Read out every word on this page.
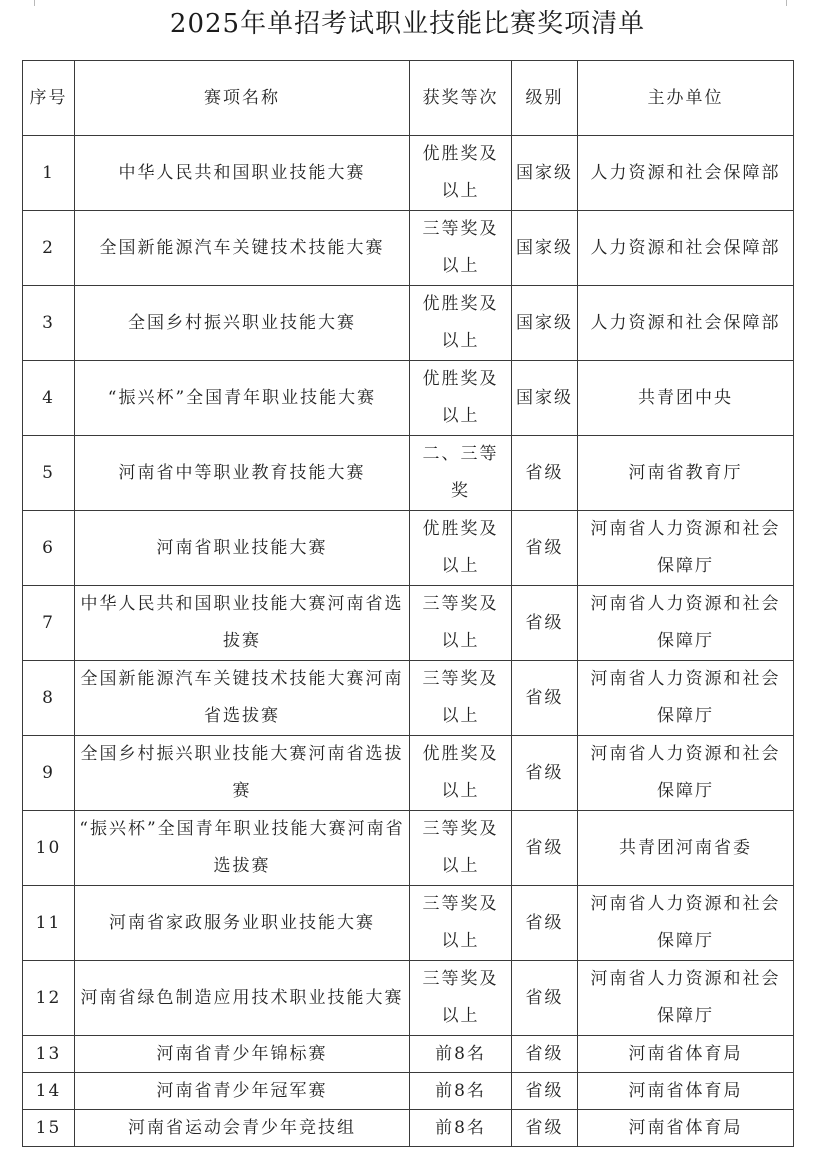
2025年单招考试职业技能比赛奖项清单
序号	赛项名称	获奖等次	级别	主办单位
1	中华人民共和国职业技能大赛	优胜奖及以上	国家级	人力资源和社会保障部
2	全国新能源汽车关键技术技能大赛	三等奖及以上	国家级	人力资源和社会保障部
3	全国乡村振兴职业技能大赛	优胜奖及以上	国家级	人力资源和社会保障部
4	“振兴杯”全国青年职业技能大赛	优胜奖及以上	国家级	共青团中央
5	河南省中等职业教育技能大赛	二、三等奖	省级	河南省教育厅
6	河南省职业技能大赛	优胜奖及以上	省级	河南省人力资源和社会保障厅
7	中华人民共和国职业技能大赛河南省选拔赛	三等奖及以上	省级	河南省人力资源和社会保障厅
8	全国新能源汽车关键技术技能大赛河南省选拔赛	三等奖及以上	省级	河南省人力资源和社会保障厅
9	全国乡村振兴职业技能大赛河南省选拔赛	优胜奖及以上	省级	河南省人力资源和社会保障厅
10	“振兴杯”全国青年职业技能大赛河南省选拔赛	三等奖及以上	省级	共青团河南省委
11	河南省家政服务业职业技能大赛	三等奖及以上	省级	河南省人力资源和社会保障厅
12	河南省绿色制造应用技术职业技能大赛	三等奖及以上	省级	河南省人力资源和社会保障厅
13	河南省青少年锦标赛	前8名	省级	河南省体育局
14	河南省青少年冠军赛	前8名	省级	河南省体育局
15	河南省运动会青少年竞技组	前8名	省级	河南省体育局
